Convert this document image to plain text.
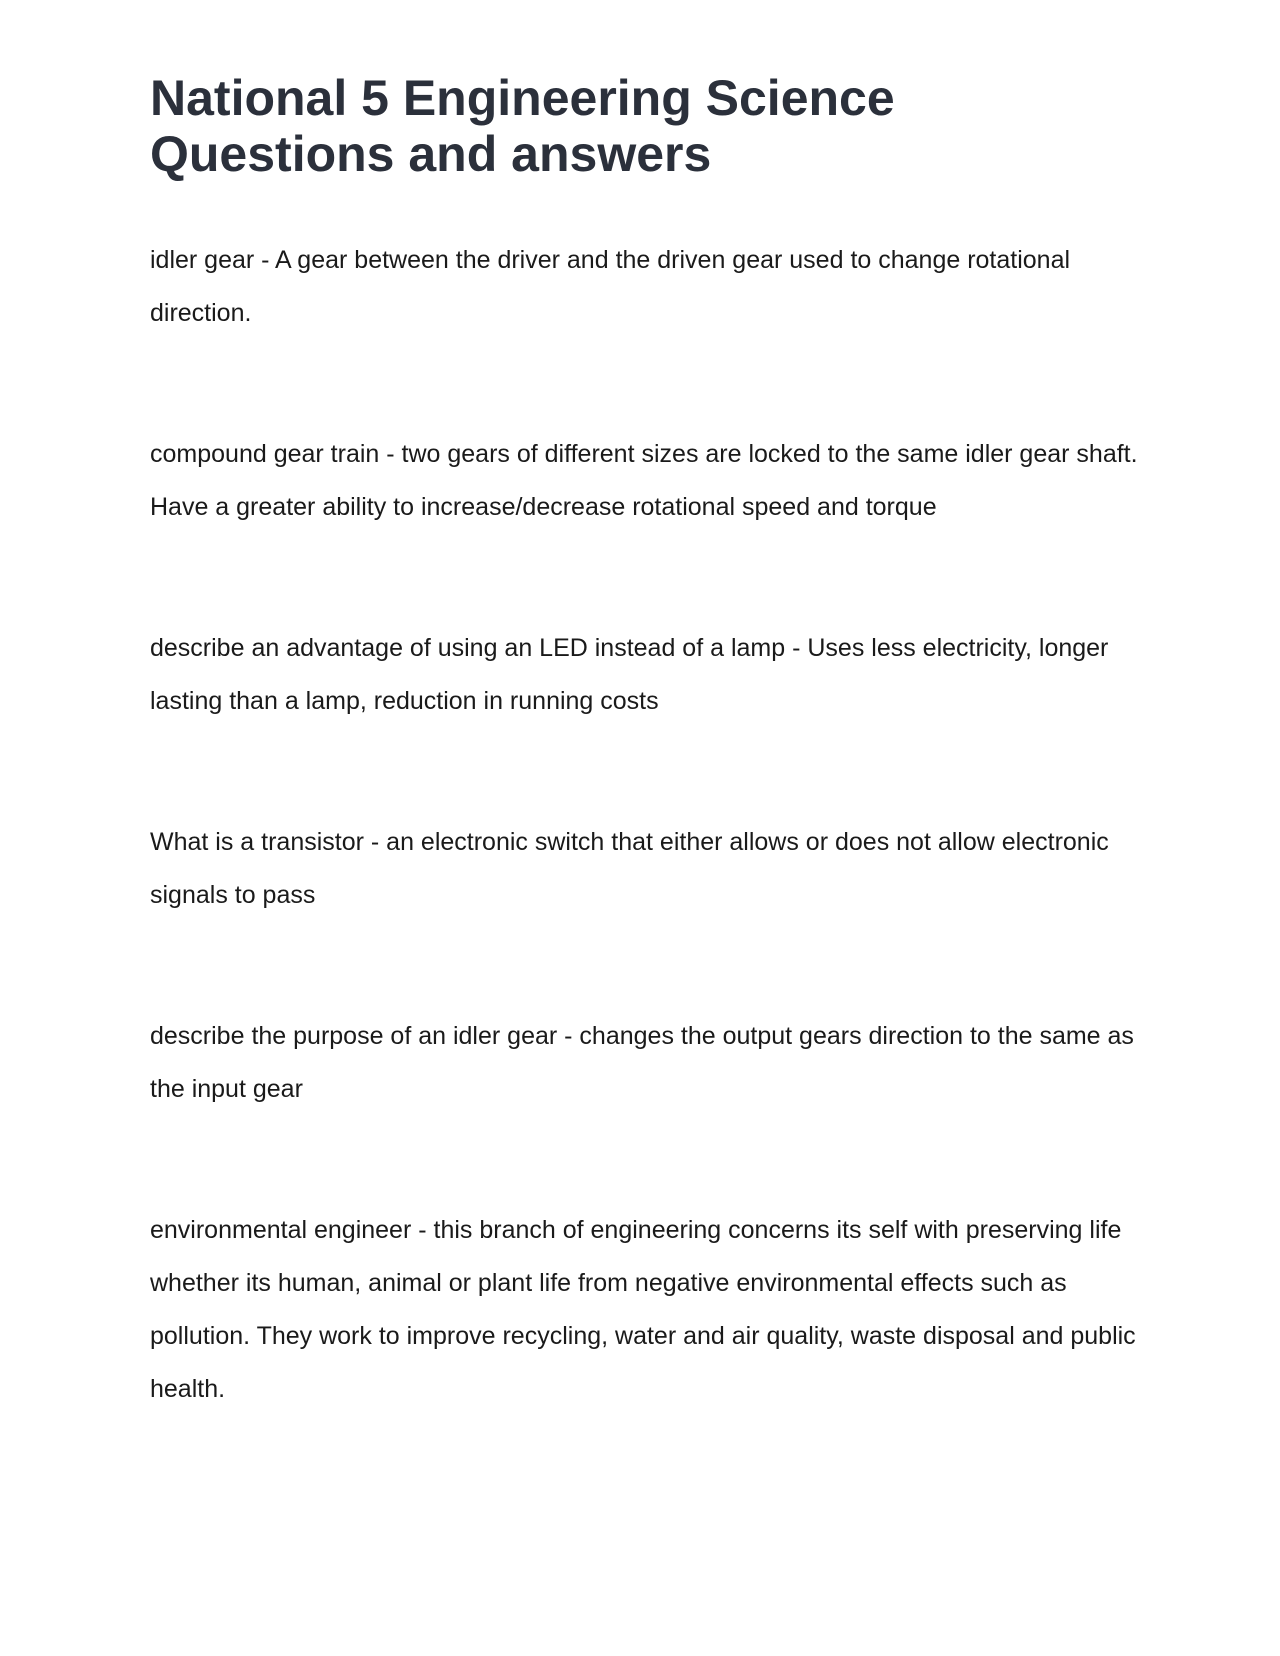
National 5 Engineering Science Questions and answers

idler gear - A gear between the driver and the driven gear used to change rotational direction.

compound gear train - two gears of different sizes are locked to the same idler gear shaft. Have a greater ability to increase/decrease rotational speed and torque

describe an advantage of using an LED instead of a lamp - Uses less electricity, longer lasting than a lamp, reduction in running costs

What is a transistor - an electronic switch that either allows or does not allow electronic signals to pass

describe the purpose of an idler gear - changes the output gears direction to the same as the input gear

environmental engineer - this branch of engineering concerns its self with preserving life whether its human, animal or plant life from negative environmental effects such as pollution. They work to improve recycling, water and air quality, waste disposal and public health.
